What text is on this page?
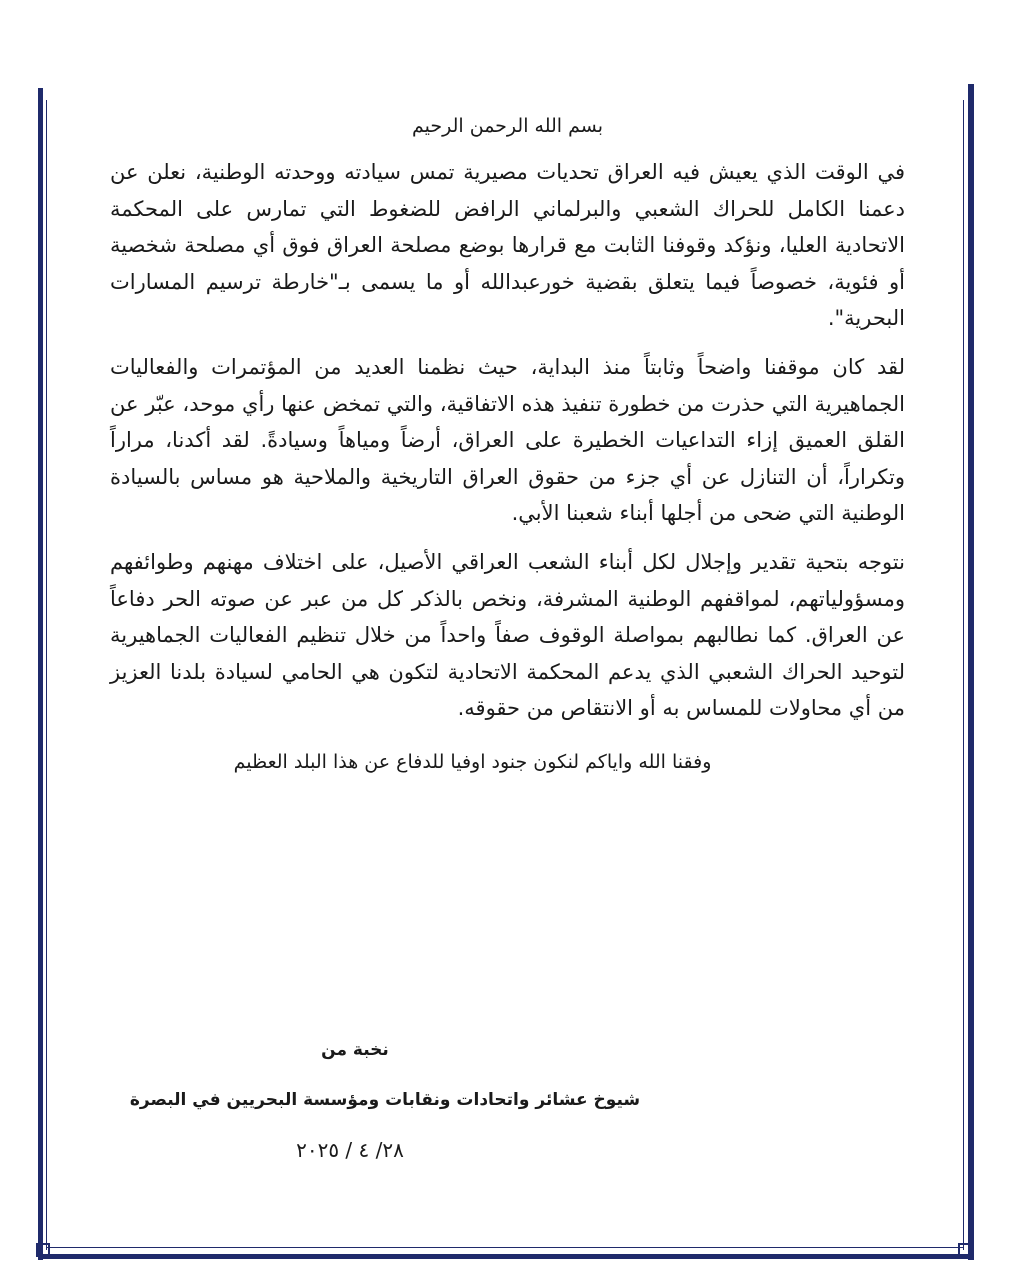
بسم الله الرحمن الرحيم

في الوقت الذي يعيش فيه العراق تحديات مصيرية تمس سيادته ووحدته الوطنية، نعلن عن دعمنا الكامل للحراك الشعبي والبرلماني الرافض للضغوط التي تمارس على المحكمة الاتحادية العليا، ونؤكد وقوفنا الثابت مع قرارها بوضع مصلحة العراق فوق أي مصلحة شخصية أو فئوية، خصوصاً فيما يتعلق بقضية خورعبدالله أو ما يسمى بـ"خارطة ترسيم المسارات البحرية".

لقد كان موقفنا واضحاً وثابتاً منذ البداية، حيث نظمنا العديد من المؤتمرات والفعاليات الجماهيرية التي حذرت من خطورة تنفيذ هذه الاتفاقية، والتي تمخض عنها رأي موحد، عبّر عن القلق العميق إزاء التداعيات الخطيرة على العراق، أرضاً ومياهاً وسيادةً. لقد أكدنا، مراراً وتكراراً، أن التنازل عن أي جزء من حقوق العراق التاريخية والملاحية هو مساس بالسيادة الوطنية التي ضحى من أجلها أبناء شعبنا الأبي.

نتوجه بتحية تقدير وإجلال لكل أبناء الشعب العراقي الأصيل، على اختلاف مهنهم وطوائفهم ومسؤولياتهم، لمواقفهم الوطنية المشرفة، ونخص بالذكر كل من عبر عن صوته الحر دفاعاً عن العراق. كما نطالبهم بمواصلة الوقوف صفاً واحداً من خلال تنظيم الفعاليات الجماهيرية لتوحيد الحراك الشعبي الذي يدعم المحكمة الاتحادية لتكون هي الحامي لسيادة بلدنا العزيز من أي محاولات للمساس به أو الانتقاص من حقوقه.

وفقنا الله واياكم لنكون جنود اوفيا للدفاع عن هذا البلد العظيم

نخبة من
شيوخ عشائر واتحادات ونقابات ومؤسسة البحريين في البصرة
٢٨/ ٤ / ٢٠٢٥
